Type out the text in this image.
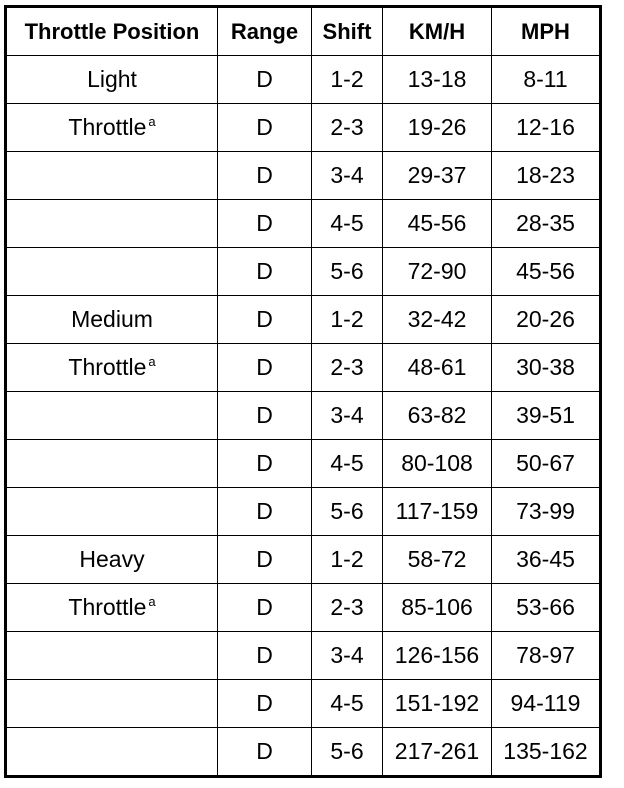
Throttle Position	Range	Shift	KM/H	MPH
Light	D	1-2	13-18	8-11
Throttle $^a$	D	2-3	19-26	12-16
	D	3-4	29-37	18-23
	D	4-5	45-56	28-35
	D	5-6	72-90	45-56
Medium	D	1-2	32-42	20-26
Throttle $^a$	D	2-3	48-61	30-38
	D	3-4	63-82	39-51
	D	4-5	80-108	50-67
	D	5-6	117-159	73-99
Heavy	D	1-2	58-72	36-45
Throttle $^a$	D	2-3	85-106	53-66
	D	3-4	126-156	78-97
	D	4-5	151-192	94-119
	D	5-6	217-261	135-162
